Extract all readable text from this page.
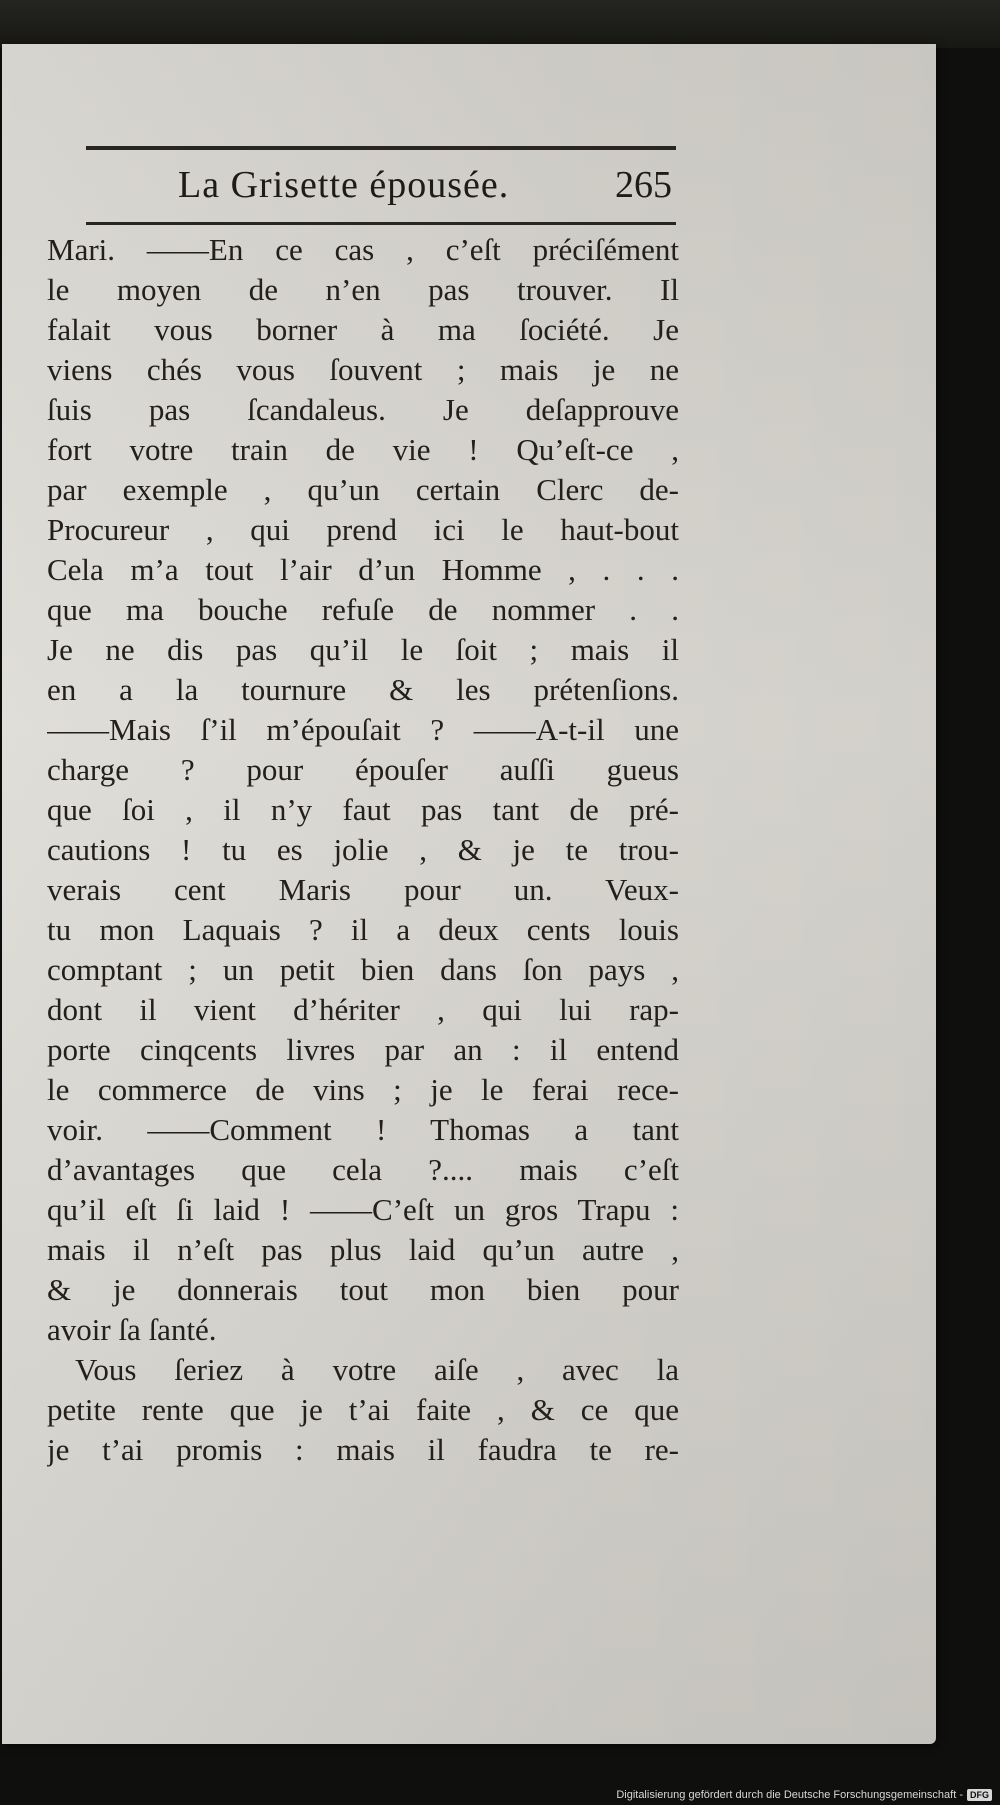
La Grisette épousée.	265
Mari. ——En ce cas , c’eſt préciſément
le moyen de n’en pas trouver. Il
falait vous borner à ma ſociété. Je
viens chés vous ſouvent ; mais je ne
ſuis pas ſcandaleus. Je deſapprouve
fort votre train de vie ! Qu’eſt-ce ,
par exemple , qu’un certain Clerc de-
Procureur , qui prend ici le haut-bout
Cela m’a tout l’air d’un Homme , . . .
que ma bouche refuſe de nommer . .
Je ne dis pas qu’il le ſoit ; mais il
en a la tournure & les prétenſions.
——Mais ſ’il m’épouſait ? ——A-t-il une
charge ? pour épouſer auſſi gueus
que ſoi , il n’y faut pas tant de pré-
cautions ! tu es jolie , & je te trou-
verais cent Maris pour un. Veux-
tu mon Laquais ? il a deux cents louis
comptant ; un petit bien dans ſon pays ,
dont il vient d’hériter , qui lui rap-
porte cinqcents livres par an : il entend
le commerce de vins ; je le ferai rece-
voir. ——Comment ! Thomas a tant
d’avantages que cela ?.... mais c’eſt
qu’il eſt ſi laid ! ——C’eſt un gros Trapu :
mais il n’eſt pas plus laid qu’un autre ,
& je donnerais tout mon bien pour
avoir ſa ſanté.
Vous ſeriez à votre aiſe , avec la
petite rente que je t’ai faite , & ce que
je t’ai promis : mais il faudra te re-
Digitalisierung gefördert durch die Deutsche Forschungsgemeinschaft - DFG
